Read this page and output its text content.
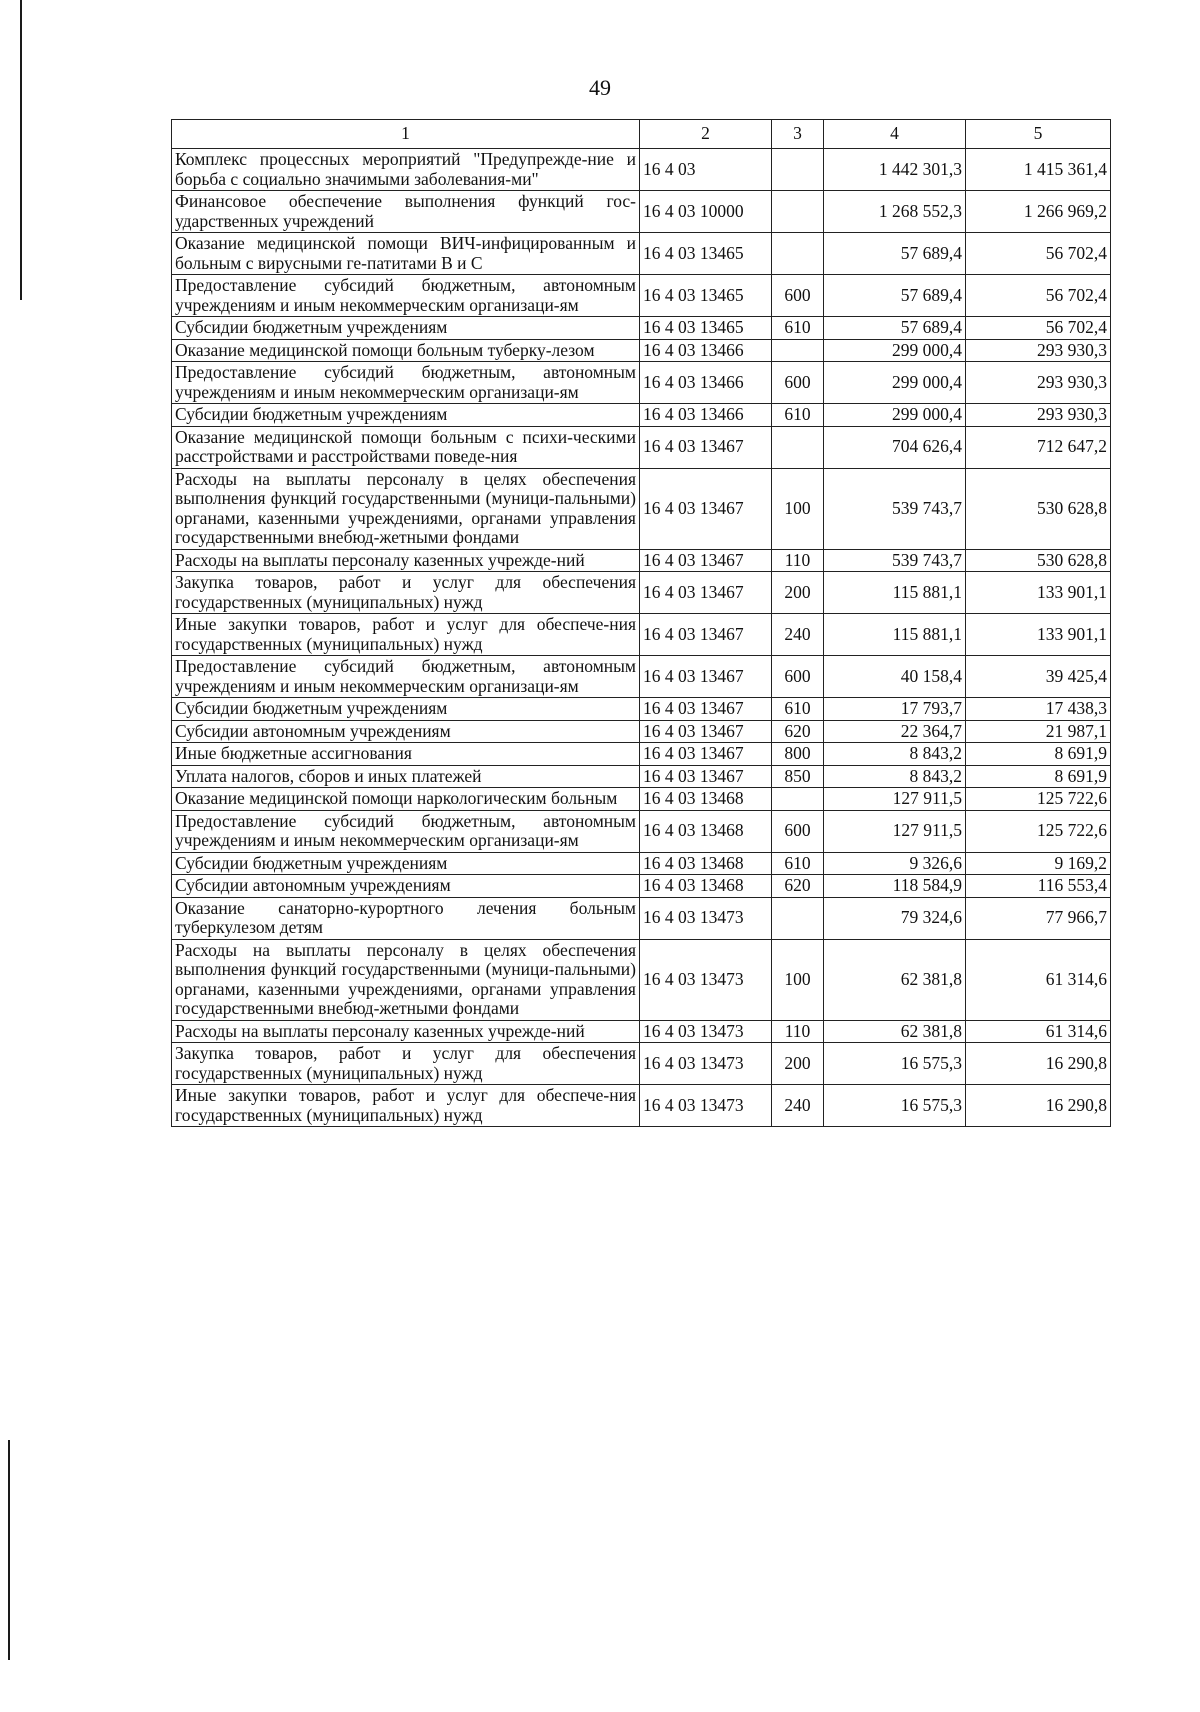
49
1	2	3	4	5
Комплекс процессных мероприятий "Предупрежде-ние и борьба с социально значимыми заболевания-ми"	16 4 03		1 442 301,3	1 415 361,4
Финансовое обеспечение выполнения функций гос-ударственных учреждений	16 4 03 10000		1 268 552,3	1 266 969,2
Оказание медицинской помощи ВИЧ-инфицированным и больным с вирусными ге-патитами В и С	16 4 03 13465		57 689,4	56 702,4
Предоставление субсидий бюджетным, автономным учреждениям и иным некоммерческим организаци-ям	16 4 03 13465	600	57 689,4	56 702,4
Субсидии бюджетным учреждениям	16 4 03 13465	610	57 689,4	56 702,4
Оказание медицинской помощи больным туберку-лезом	16 4 03 13466		299 000,4	293 930,3
Предоставление субсидий бюджетным, автономным учреждениям и иным некоммерческим организаци-ям	16 4 03 13466	600	299 000,4	293 930,3
Субсидии бюджетным учреждениям	16 4 03 13466	610	299 000,4	293 930,3
Оказание медицинской помощи больным с психи-ческими расстройствами и расстройствами поведе-ния	16 4 03 13467		704 626,4	712 647,2
Расходы на выплаты персоналу в целях обеспечения выполнения функций государственными (муници-пальными) органами, казенными учреждениями, органами управления государственными внебюд-жетными фондами	16 4 03 13467	100	539 743,7	530 628,8
Расходы на выплаты персоналу казенных учрежде-ний	16 4 03 13467	110	539 743,7	530 628,8
Закупка товаров, работ и услуг для обеспечения государственных (муниципальных) нужд	16 4 03 13467	200	115 881,1	133 901,1
Иные закупки товаров, работ и услуг для обеспече-ния государственных (муниципальных) нужд	16 4 03 13467	240	115 881,1	133 901,1
Предоставление субсидий бюджетным, автономным учреждениям и иным некоммерческим организаци-ям	16 4 03 13467	600	40 158,4	39 425,4
Субсидии бюджетным учреждениям	16 4 03 13467	610	17 793,7	17 438,3
Субсидии автономным учреждениям	16 4 03 13467	620	22 364,7	21 987,1
Иные бюджетные ассигнования	16 4 03 13467	800	8 843,2	8 691,9
Уплата налогов, сборов и иных платежей	16 4 03 13467	850	8 843,2	8 691,9
Оказание медицинской помощи наркологическим больным	16 4 03 13468		127 911,5	125 722,6
Предоставление субсидий бюджетным, автономным учреждениям и иным некоммерческим организаци-ям	16 4 03 13468	600	127 911,5	125 722,6
Субсидии бюджетным учреждениям	16 4 03 13468	610	9 326,6	9 169,2
Субсидии автономным учреждениям	16 4 03 13468	620	118 584,9	116 553,4
Оказание санаторно-курортного лечения больным туберкулезом детям	16 4 03 13473		79 324,6	77 966,7
Расходы на выплаты персоналу в целях обеспечения выполнения функций государственными (муници-пальными) органами, казенными учреждениями, органами управления государственными внебюд-жетными фондами	16 4 03 13473	100	62 381,8	61 314,6
Расходы на выплаты персоналу казенных учрежде-ний	16 4 03 13473	110	62 381,8	61 314,6
Закупка товаров, работ и услуг для обеспечения государственных (муниципальных) нужд	16 4 03 13473	200	16 575,3	16 290,8
Иные закупки товаров, работ и услуг для обеспече-ния государственных (муниципальных) нужд	16 4 03 13473	240	16 575,3	16 290,8
